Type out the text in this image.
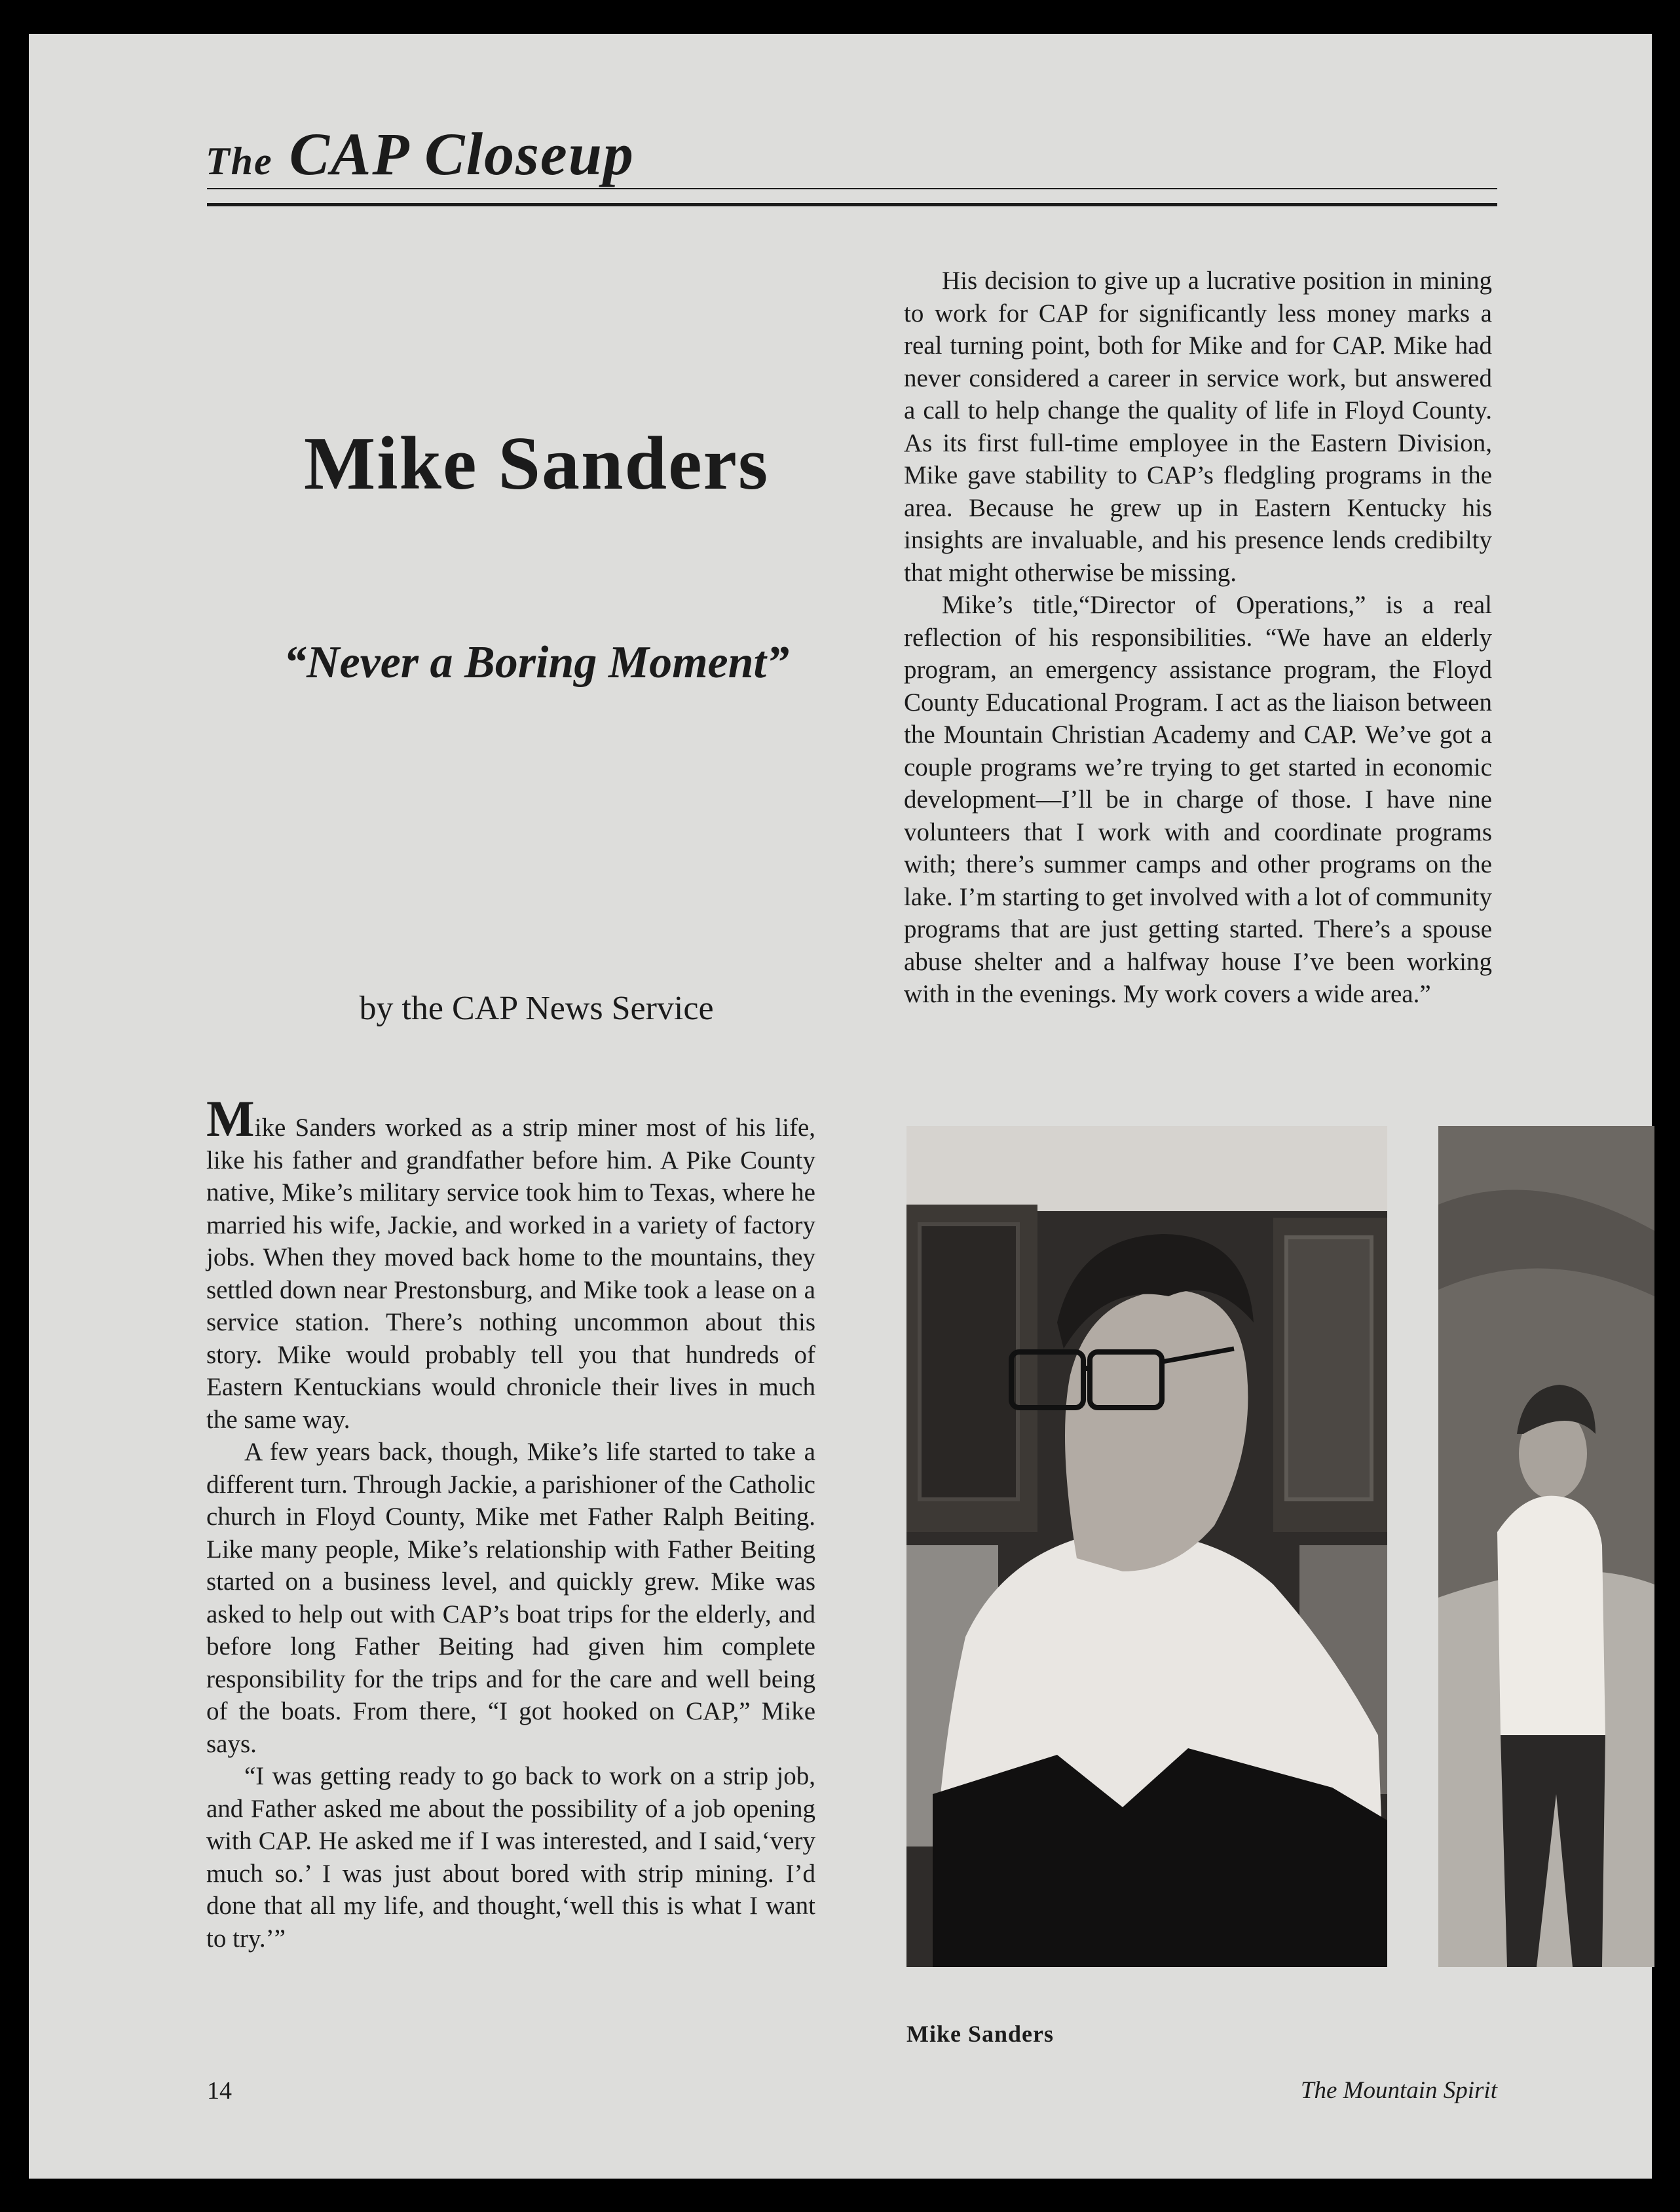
The CAP Closeup
Mike Sanders
“Never a Boring Moment”
by the CAP News Service

Mike Sanders worked as a strip miner most of his life, like his father and grandfather before him. A Pike County native, Mike’s military service took him to Texas, where he married his wife, Jackie, and worked in a variety of factory jobs. When they moved back home to the mountains, they settled down near Prestonsburg, and Mike took a lease on a service station. There’s nothing uncommon about this story. Mike would probably tell you that hundreds of Eastern Kentuckians would chronicle their lives in much the same way.

A few years back, though, Mike’s life started to take a different turn. Through Jackie, a parishioner of the Catholic church in Floyd County, Mike met Father Ralph Beiting. Like many people, Mike’s relationship with Father Beiting started on a business level, and quickly grew. Mike was asked to help out with CAP’s boat trips for the elderly, and before long Father Beiting had given him complete responsibility for the trips and for the care and well being of the boats. From there, “I got hooked on CAP,” Mike says.

“I was getting ready to go back to work on a strip job, and Father asked me about the possibility of a job opening with CAP. He asked me if I was interested, and I said,‘very much so.’ I was just about bored with strip mining. I’d done that all my life, and thought,‘well this is what I want to try.’”

His decision to give up a lucrative position in mining to work for CAP for significantly less money marks a real turning point, both for Mike and for CAP. Mike had never considered a career in service work, but answered a call to help change the quality of life in Floyd County. As its first full-time employee in the Eastern Division, Mike gave stability to CAP’s fledgling programs in the area. Because he grew up in Eastern Kentucky his insights are invaluable, and his presence lends credibilty that might otherwise be missing.

Mike’s title,“Director of Operations,” is a real reflection of his responsibilities. “We have an elderly program, an emergency assistance program, the Floyd County Educational Program. I act as the liaison between the Mountain Christian Academy and CAP. We’ve got a couple programs we’re trying to get started in economic development—I’ll be in charge of those. I have nine volunteers that I work with and coordinate programs with; there’s summer camps and other programs on the lake. I’m starting to get involved with a lot of community programs that are just getting started. There’s a spouse abuse shelter and a halfway house I’ve been working with in the evenings. My work covers a wide area.”

Mike Sanders
14	The Mountain Spirit
